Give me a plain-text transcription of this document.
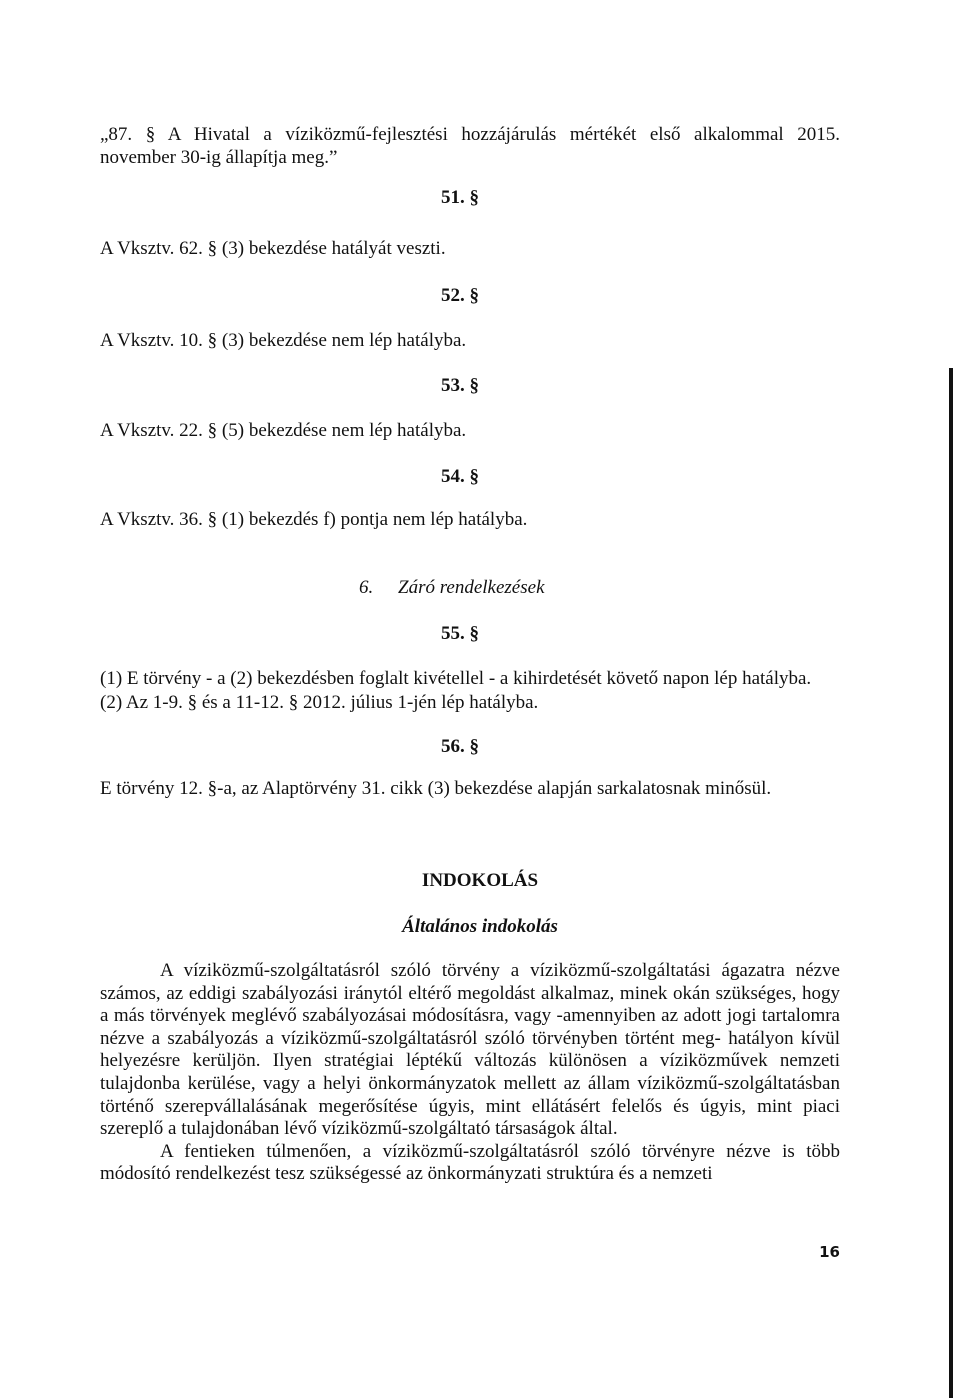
„87. § A Hivatal a víziközmű-fejlesztési hozzájárulás mértékét első alkalommal 2015.

november 30-ig állapítja meg.”

51. §
A Vksztv. 62. § (3) bekezdése hatályát veszti.
52. §
A Vksztv. 10. § (3) bekezdése nem lép hatályba.
53. §
A Vksztv. 22. § (5) bekezdése nem lép hatályba.
54. §
A Vksztv. 36. § (1) bekezdés f) pontja nem lép hatályba.
6. Záró rendelkezések
55. §
(1) E törvény - a (2) bekezdésben foglalt kivétellel - a kihirdetését követő napon lép hatályba.
(2) Az 1-9. § és a 11-12. § 2012. július 1-jén lép hatályba.
56. §
E törvény 12. §-a, az Alaptörvény 31. cikk (3) bekezdése alapján sarkalatosnak minősül.
INDOKOLÁS
Általános indokolás

A víziközmű-szolgáltatásról szóló törvény a víziközmű-szolgáltatási ágazatra nézve számos, az eddigi szabályozási iránytól eltérő megoldást alkalmaz, minek okán szükséges, hogy a más törvények meglévő szabályozásai módosításra, vagy -amennyiben az adott jogi tartalomra nézve a szabályozás a víziközmű-szolgáltatásról szóló törvényben történt meg- hatályon kívül helyezésre kerüljön. Ilyen stratégiai léptékű változás különösen a víziközművek nemzeti tulajdonba kerülése, vagy a helyi önkormányzatok mellett az állam víziközmű-szolgáltatásban történő szerepvállalásának megerősítése úgyis, mint ellátásért felelős és úgyis, mint piaci szereplő a tulajdonában lévő víziközmű-szolgáltató társaságok által.

A fentieken túlmenően, a víziközmű-szolgáltatásról szóló törvényre nézve is több módosító rendelkezést tesz szükségessé az önkormányzati struktúra és a nemzeti

16
